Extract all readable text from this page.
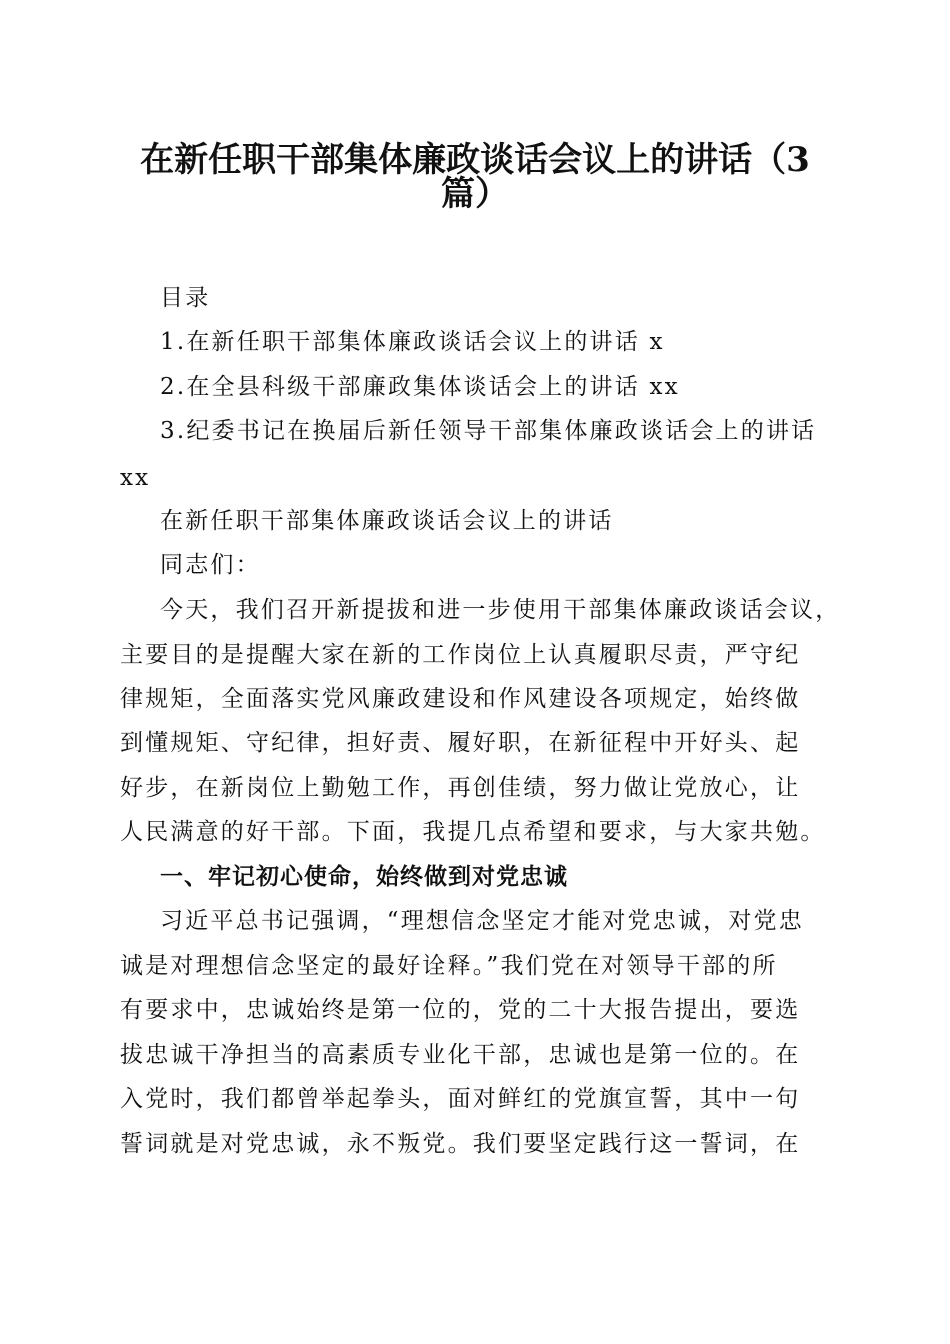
在新任职干部集体廉政谈话会议上的讲话（3
篇）

目录

1.在新任职干部集体廉政谈话会议上的讲话 x

2.在全县科级干部廉政集体谈话会上的讲话 xx

3.纪委书记在换届后新任领导干部集体廉政谈话会上的讲话

xx

在新任职干部集体廉政谈话会议上的讲话

同志们：

今天，我们召开新提拔和进一步使用干部集体廉政谈话会议，

主要目的是提醒大家在新的工作岗位上认真履职尽责，严守纪

律规矩，全面落实党风廉政建设和作风建设各项规定，始终做

到懂规矩、守纪律，担好责、履好职，在新征程中开好头、起

好步，在新岗位上勤勉工作，再创佳绩，努力做让党放心，让

人民满意的好干部。下面，我提几点希望和要求，与大家共勉。

一、牢记初心使命，始终做到对党忠诚

习近平总书记强调，“理想信念坚定才能对党忠诚，对党忠

诚是对理想信念坚定的最好诠释。”我们党在对领导干部的所

有要求中，忠诚始终是第一位的，党的二十大报告提出，要选

拔忠诚干净担当的高素质专业化干部，忠诚也是第一位的。在

入党时，我们都曾举起拳头，面对鲜红的党旗宣誓，其中一句

誓词就是对党忠诚，永不叛党。我们要坚定践行这一誓词，在
